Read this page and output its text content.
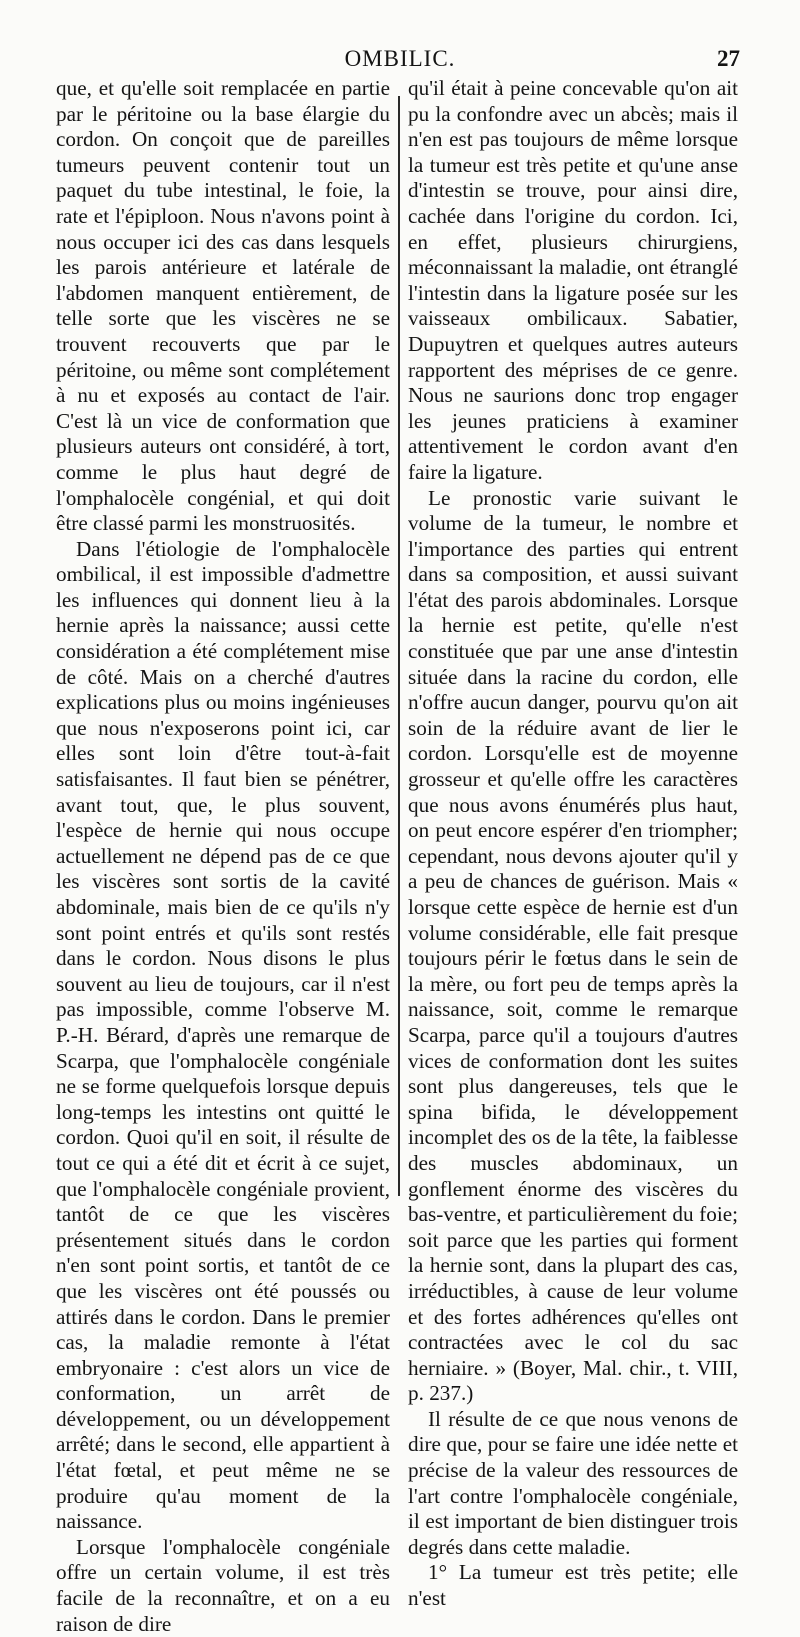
OMBILIC.	27

que, et qu'elle soit remplacée en partie par le péritoine ou la base élargie du cordon. On conçoit que de pareilles tumeurs peuvent contenir tout un paquet du tube intestinal, le foie, la rate et l'épiploon. Nous n'avons point à nous occuper ici des cas dans lesquels les parois antérieure et latérale de l'abdomen manquent entièrement, de telle sorte que les viscères ne se trouvent recouverts que par le péritoine, ou même sont complétement à nu et exposés au contact de l'air. C'est là un vice de conformation que plusieurs auteurs ont considéré, à tort, comme le plus haut degré de l'omphalocèle congénial, et qui doit être classé parmi les monstruosités.

Dans l'étiologie de l'omphalocèle ombilical, il est impossible d'admettre les influences qui donnent lieu à la hernie après la naissance; aussi cette considération a été complétement mise de côté. Mais on a cherché d'autres explications plus ou moins ingénieuses que nous n'exposerons point ici, car elles sont loin d'être tout-à-fait satisfaisantes. Il faut bien se pénétrer, avant tout, que, le plus souvent, l'espèce de hernie qui nous occupe actuellement ne dépend pas de ce que les viscères sont sortis de la cavité abdominale, mais bien de ce qu'ils n'y sont point entrés et qu'ils sont restés dans le cordon. Nous disons le plus souvent au lieu de toujours, car il n'est pas impossible, comme l'observe M. P.-H. Bérard, d'après une remarque de Scarpa, que l'omphalocèle congéniale ne se forme quelquefois lorsque depuis long-temps les intestins ont quitté le cordon. Quoi qu'il en soit, il résulte de tout ce qui a été dit et écrit à ce sujet, que l'omphalocèle congéniale provient, tantôt de ce que les viscères présentement situés dans le cordon n'en sont point sortis, et tantôt de ce que les viscères ont été poussés ou attirés dans le cordon. Dans le premier cas, la maladie remonte à l'état embryonaire : c'est alors un vice de conformation, un arrêt de développement, ou un développement arrêté; dans le second, elle appartient à l'état fœtal, et peut même ne se produire qu'au moment de la naissance.

Lorsque l'omphalocèle congéniale offre un certain volume, il est très facile de la reconnaître, et on a eu raison de dire

qu'il était à peine concevable qu'on ait pu la confondre avec un abcès; mais il n'en est pas toujours de même lorsque la tumeur est très petite et qu'une anse d'intestin se trouve, pour ainsi dire, cachée dans l'origine du cordon. Ici, en effet, plusieurs chirurgiens, méconnaissant la maladie, ont étranglé l'intestin dans la ligature posée sur les vaisseaux ombilicaux. Sabatier, Dupuytren et quelques autres auteurs rapportent des méprises de ce genre. Nous ne saurions donc trop engager les jeunes praticiens à examiner attentivement le cordon avant d'en faire la ligature.

Le pronostic varie suivant le volume de la tumeur, le nombre et l'importance des parties qui entrent dans sa composition, et aussi suivant l'état des parois abdominales. Lorsque la hernie est petite, qu'elle n'est constituée que par une anse d'intestin située dans la racine du cordon, elle n'offre aucun danger, pourvu qu'on ait soin de la réduire avant de lier le cordon. Lorsqu'elle est de moyenne grosseur et qu'elle offre les caractères que nous avons énumérés plus haut, on peut encore espérer d'en triompher; cependant, nous devons ajouter qu'il y a peu de chances de guérison. Mais « lorsque cette espèce de hernie est d'un volume considérable, elle fait presque toujours périr le fœtus dans le sein de la mère, ou fort peu de temps après la naissance, soit, comme le remarque Scarpa, parce qu'il a toujours d'autres vices de conformation dont les suites sont plus dangereuses, tels que le spina bifida, le développement incomplet des os de la tête, la faiblesse des muscles abdominaux, un gonflement énorme des viscères du bas-ventre, et particulièrement du foie; soit parce que les parties qui forment la hernie sont, dans la plupart des cas, irréductibles, à cause de leur volume et des fortes adhérences qu'elles ont contractées avec le col du sac herniaire. » (Boyer, Mal. chir., t. VIII, p. 237.)

Il résulte de ce que nous venons de dire que, pour se faire une idée nette et précise de la valeur des ressources de l'art contre l'omphalocèle congéniale, il est important de bien distinguer trois degrés dans cette maladie.

1° La tumeur est très petite; elle n'est
